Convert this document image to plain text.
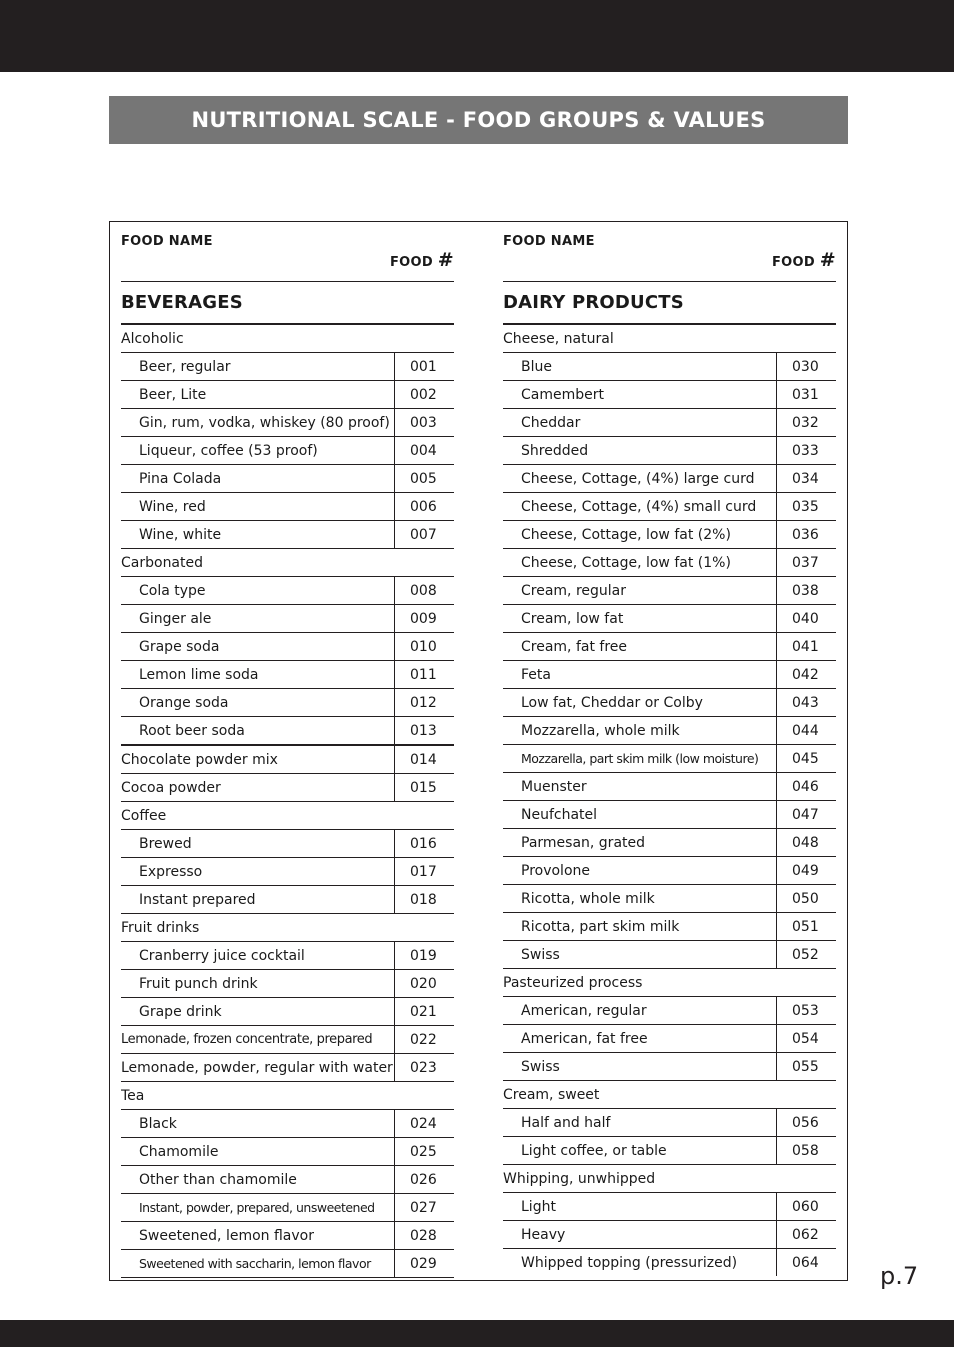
NUTRITIONAL SCALE - FOOD GROUPS & VALUES
FOOD NAME
FOOD #
BEVERAGES
Alcoholic
Beer, regular	001
Beer, Lite	002
Gin, rum, vodka, whiskey (80 proof)	003
Liqueur, coffee (53 proof)	004
Pina Colada	005
Wine, red	006
Wine, white	007
Carbonated
Cola type	008
Ginger ale	009
Grape soda	010
Lemon lime soda	011
Orange soda	012
Root beer soda	013
Chocolate powder mix	014
Cocoa powder	015
Coffee
Brewed	016
Expresso	017
Instant prepared	018
Fruit drinks
Cranberry juice cocktail	019
Fruit punch drink	020
Grape drink	021
Lemonade, frozen concentrate, prepared	022
Lemonade, powder, regular with water	023
Tea
Black	024
Chamomile	025
Other than chamomile	026
Instant, powder, prepared, unsweetened	027
Sweetened, lemon flavor	028
Sweetened with saccharin, lemon flavor	029
FOOD NAME
FOOD #
DAIRY PRODUCTS
Cheese, natural
Blue	030
Camembert	031
Cheddar	032
Shredded	033
Cheese, Cottage, (4%) large curd	034
Cheese, Cottage, (4%) small curd	035
Cheese, Cottage, low fat (2%)	036
Cheese, Cottage, low fat (1%)	037
Cream, regular	038
Cream, low fat	040
Cream, fat free	041
Feta	042
Low fat, Cheddar or Colby	043
Mozzarella, whole milk	044
Mozzarella, part skim milk (low moisture)	045
Muenster	046
Neufchatel	047
Parmesan, grated	048
Provolone	049
Ricotta, whole milk	050
Ricotta, part skim milk	051
Swiss	052
Pasteurized process
American, regular	053
American, fat free	054
Swiss	055
Cream, sweet
Half and half	056
Light coffee, or table	058
Whipping, unwhipped
Light	060
Heavy	062
Whipped topping (pressurized)	064	p.7
